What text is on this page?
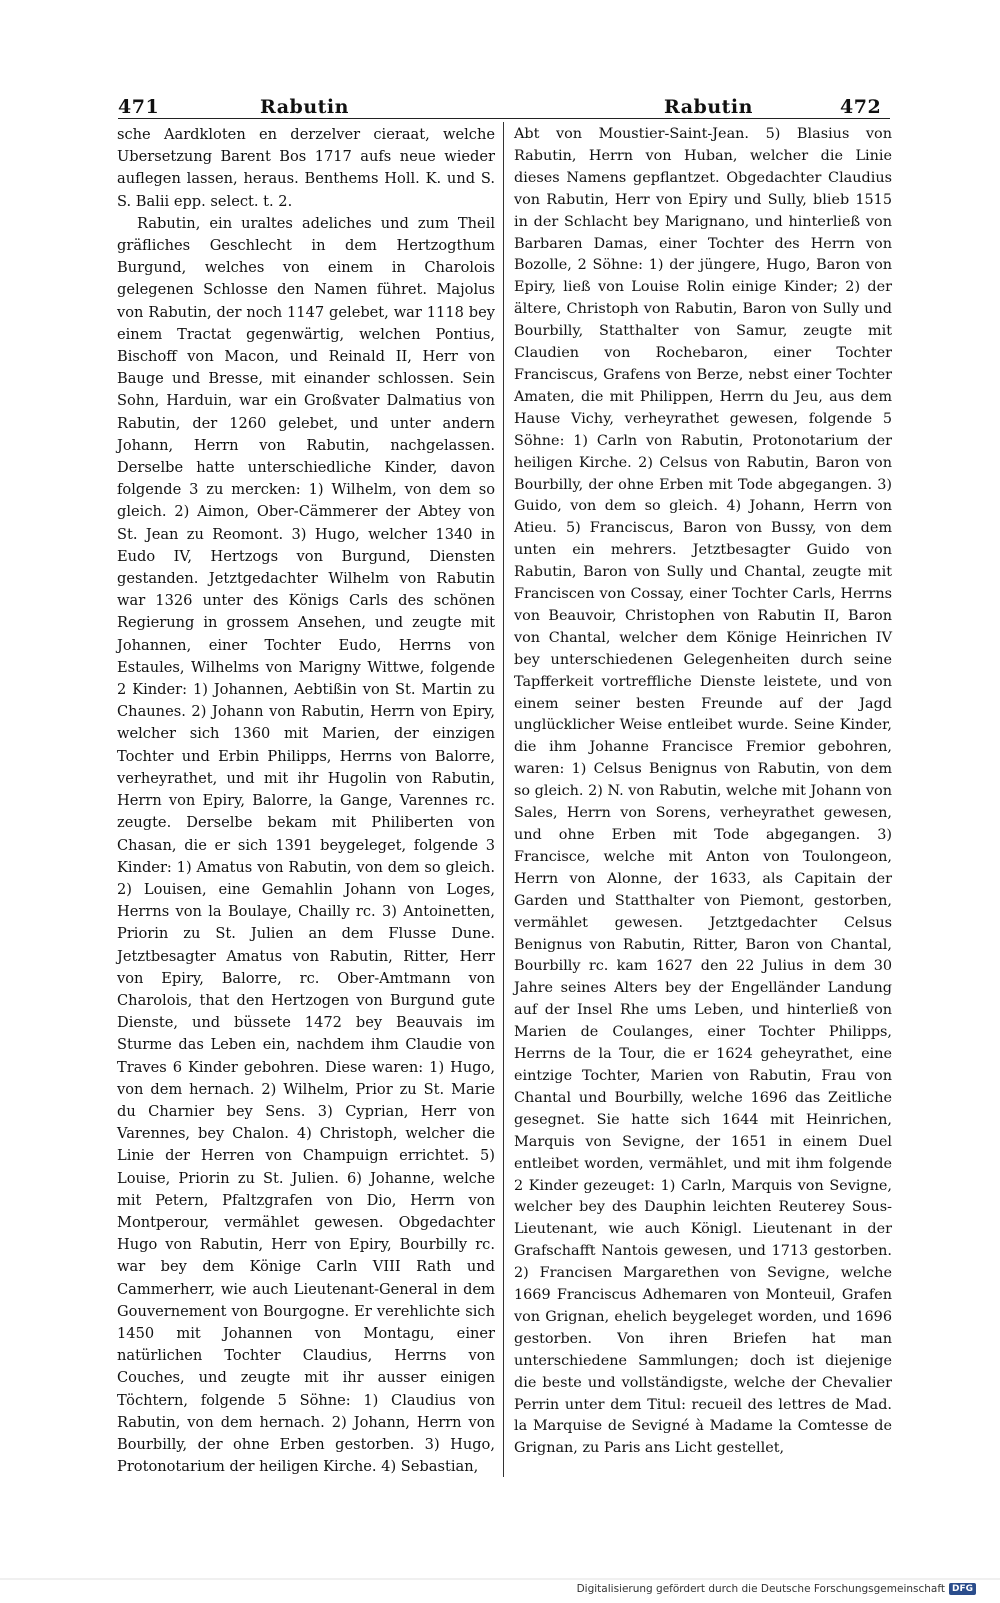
471	Rabutin	Rabutin	472

sche Aardkloten en derzelver cieraat, welche Ubersetzung Barent Bos 1717 aufs neue wieder auflegen lassen, heraus. Benthems Holl. K. und S. S. Balii epp. select. t. 2.

Rabutin, ein uraltes adeliches und zum Theil gräfliches Geschlecht in dem Hertzogthum Burgund, welches von einem in Charolois gelegenen Schlosse den Namen führet. Majolus von Rabutin, der noch 1147 gelebet, war 1118 bey einem Tractat gegenwärtig, welchen Pontius, Bischoff von Macon, und Reinald II, Herr von Bauge und Bresse, mit einander schlossen. Sein Sohn, Harduin, war ein Großvater Dalmatius von Rabutin, der 1260 gelebet, und unter andern Johann, Herrn von Rabutin, nachgelassen. Derselbe hatte unterschiedliche Kinder, davon folgende 3 zu mercken: 1) Wilhelm, von dem so gleich. 2) Aimon, Ober-Cämmerer der Abtey von St. Jean zu Reomont. 3) Hugo, welcher 1340 in Eudo IV, Hertzogs von Burgund, Diensten gestanden. Jetztgedachter Wilhelm von Rabutin war 1326 unter des Königs Carls des schönen Regierung in grossem Ansehen, und zeugte mit Johannen, einer Tochter Eudo, Herrns von Estaules, Wilhelms von Marigny Wittwe, folgende 2 Kinder: 1) Johannen, Aebtißin von St. Martin zu Chaunes. 2) Johann von Rabutin, Herrn von Epiry, welcher sich 1360 mit Marien, der einzigen Tochter und Erbin Philipps, Herrns von Balorre, verheyrathet, und mit ihr Hugolin von Rabutin, Herrn von Epiry, Balorre, la Gange, Varennes rc. zeugte. Derselbe bekam mit Philiberten von Chasan, die er sich 1391 beygeleget, folgende 3 Kinder: 1) Amatus von Rabutin, von dem so gleich. 2) Louisen, eine Gemahlin Johann von Loges, Herrns von la Boulaye, Chailly rc. 3) Antoinetten, Priorin zu St. Julien an dem Flusse Dune. Jetztbesagter Amatus von Rabutin, Ritter, Herr von Epiry, Balorre, rc. Ober-Amtmann von Charolois, that den Hertzogen von Burgund gute Dienste, und büssete 1472 bey Beauvais im Sturme das Leben ein, nachdem ihm Claudie von Traves 6 Kinder gebohren. Diese waren: 1) Hugo, von dem hernach. 2) Wilhelm, Prior zu St. Marie du Charnier bey Sens. 3) Cyprian, Herr von Varennes, bey Chalon. 4) Christoph, welcher die Linie der Herren von Champuign errichtet. 5) Louise, Priorin zu St. Julien. 6) Johanne, welche mit Petern, Pfaltzgrafen von Dio, Herrn von Montperour, vermählet gewesen. Obgedachter Hugo von Rabutin, Herr von Epiry, Bourbilly rc. war bey dem Könige Carln VIII Rath und Cammerherr, wie auch Lieutenant-General in dem Gouvernement von Bourgogne. Er verehlichte sich 1450 mit Johannen von Montagu, einer natürlichen Tochter Claudius, Herrns von Couches, und zeugte mit ihr ausser einigen Töchtern, folgende 5 Söhne: 1) Claudius von Rabutin, von dem hernach. 2) Johann, Herrn von Bourbilly, der ohne Erben gestorben. 3) Hugo, Protonotarium der heiligen Kirche. 4) Sebastian,

Abt von Moustier-Saint-Jean. 5) Blasius von Rabutin, Herrn von Huban, welcher die Linie dieses Namens gepflantzet. Obgedachter Claudius von Rabutin, Herr von Epiry und Sully, blieb 1515 in der Schlacht bey Marignano, und hinterließ von Barbaren Damas, einer Tochter des Herrn von Bozolle, 2 Söhne: 1) der jüngere, Hugo, Baron von Epiry, ließ von Louise Rolin einige Kinder; 2) der ältere, Christoph von Rabutin, Baron von Sully und Bourbilly, Statthalter von Samur, zeugte mit Claudien von Rochebaron, einer Tochter Franciscus, Grafens von Berze, nebst einer Tochter Amaten, die mit Philippen, Herrn du Jeu, aus dem Hause Vichy, verheyrathet gewesen, folgende 5 Söhne: 1) Carln von Rabutin, Protonotarium der heiligen Kirche. 2) Celsus von Rabutin, Baron von Bourbilly, der ohne Erben mit Tode abgegangen. 3) Guido, von dem so gleich. 4) Johann, Herrn von Atieu. 5) Franciscus, Baron von Bussy, von dem unten ein mehrers. Jetztbesagter Guido von Rabutin, Baron von Sully und Chantal, zeugte mit Franciscen von Cossay, einer Tochter Carls, Herrns von Beauvoir, Christophen von Rabutin II, Baron von Chantal, welcher dem Könige Heinrichen IV bey unterschiedenen Gelegenheiten durch seine Tapfferkeit vortreffliche Dienste leistete, und von einem seiner besten Freunde auf der Jagd unglücklicher Weise entleibet wurde. Seine Kinder, die ihm Johanne Francisce Fremior gebohren, waren: 1) Celsus Benignus von Rabutin, von dem so gleich. 2) N. von Rabutin, welche mit Johann von Sales, Herrn von Sorens, verheyrathet gewesen, und ohne Erben mit Tode abgegangen. 3) Francisce, welche mit Anton von Toulongeon, Herrn von Alonne, der 1633, als Capitain der Garden und Statthalter von Piemont, gestorben, vermählet gewesen. Jetztgedachter Celsus Benignus von Rabutin, Ritter, Baron von Chantal, Bourbilly rc. kam 1627 den 22 Julius in dem 30 Jahre seines Alters bey der Engelländer Landung auf der Insel Rhe ums Leben, und hinterließ von Marien de Coulanges, einer Tochter Philipps, Herrns de la Tour, die er 1624 geheyrathet, eine eintzige Tochter, Marien von Rabutin, Frau von Chantal und Bourbilly, welche 1696 das Zeitliche gesegnet. Sie hatte sich 1644 mit Heinrichen, Marquis von Sevigne, der 1651 in einem Duel entleibet worden, vermählet, und mit ihm folgende 2 Kinder gezeuget: 1) Carln, Marquis von Sevigne, welcher bey des Dauphin leichten Reuterey Sous-Lieutenant, wie auch Königl. Lieutenant in der Grafschafft Nantois gewesen, und 1713 gestorben. 2) Francisen Margarethen von Sevigne, welche 1669 Franciscus Adhemaren von Monteuil, Grafen von Grignan, ehelich beygeleget worden, und 1696 gestorben. Von ihren Briefen hat man unterschiedene Sammlungen; doch ist diejenige die beste und vollständigste, welche der Chevalier Perrin unter dem Titul: recueil des lettres de Mad. la Marquise de Sevigné à Madame la Comtesse de Grignan, zu Paris ans Licht gestellet,

Digitalisierung gefördert durch die Deutsche Forschungsgemeinschaft DFG
